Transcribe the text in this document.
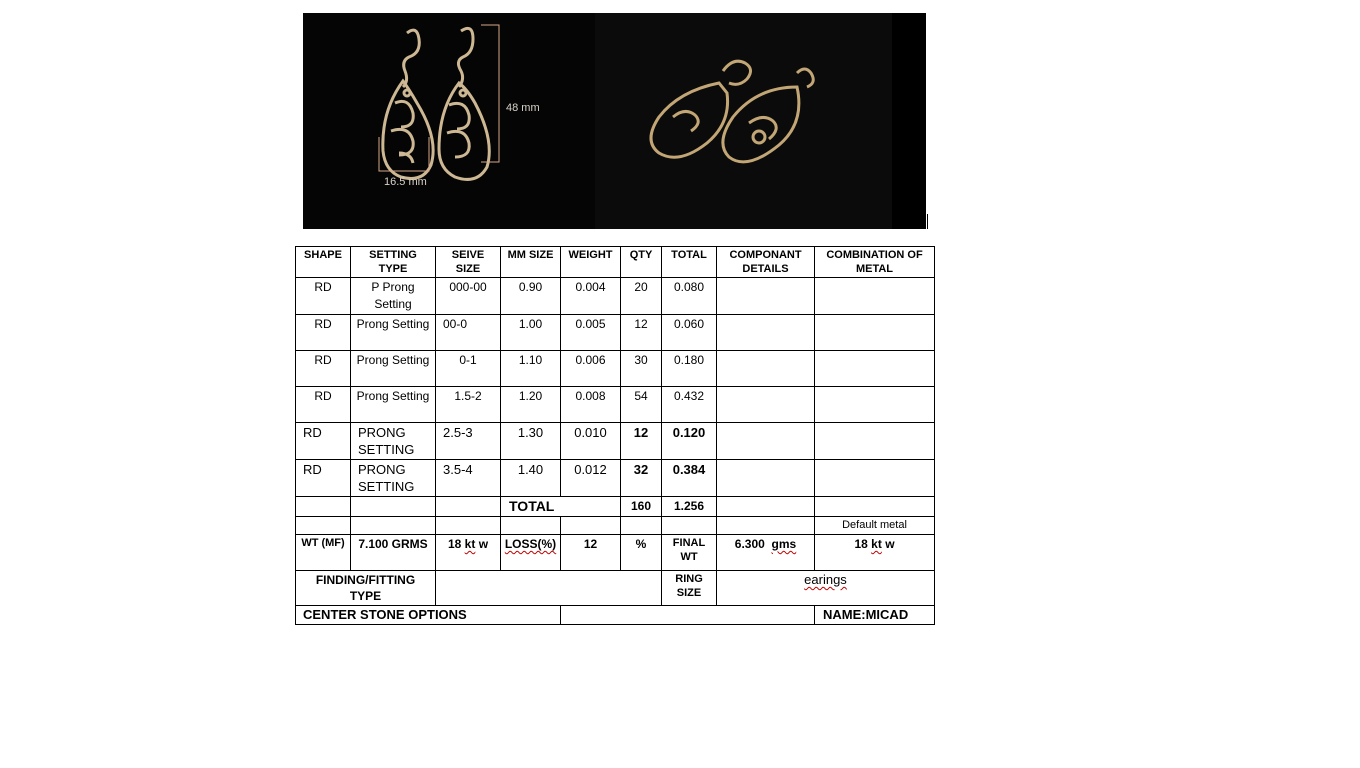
48 mm
16.5 mm
SHAPE	SETTING TYPE	SEIVE SIZE	MM SIZE	WEIGHT	QTY	TOTAL	COMPONANT DETAILS	COMBINATION OF METAL
RD	P Prong Setting	000-00	0.90	0.004	20	0.080		
RD	Prong Setting	00-0	1.00	0.005	12	0.060		
RD	Prong Setting	0-1	1.10	0.006	30	0.180		
RD	Prong Setting	1.5-2	1.20	0.008	54	0.432		
RD	PRONG SETTING	2.5-3	1.30	0.010	12	0.120		
RD	PRONG SETTING	3.5-4	1.40	0.012	32	0.384		
			TOTAL		160	1.256		
								Default metal
WT (MF)	7.100 GRMS	18 kt w	LOSS(%)	12	%	FINAL WT	6.300 gms	18 kt w
FINDING/FITTING TYPE						RING SIZE	earings	
CENTER STONE OPTIONS								NAME:MICAD
